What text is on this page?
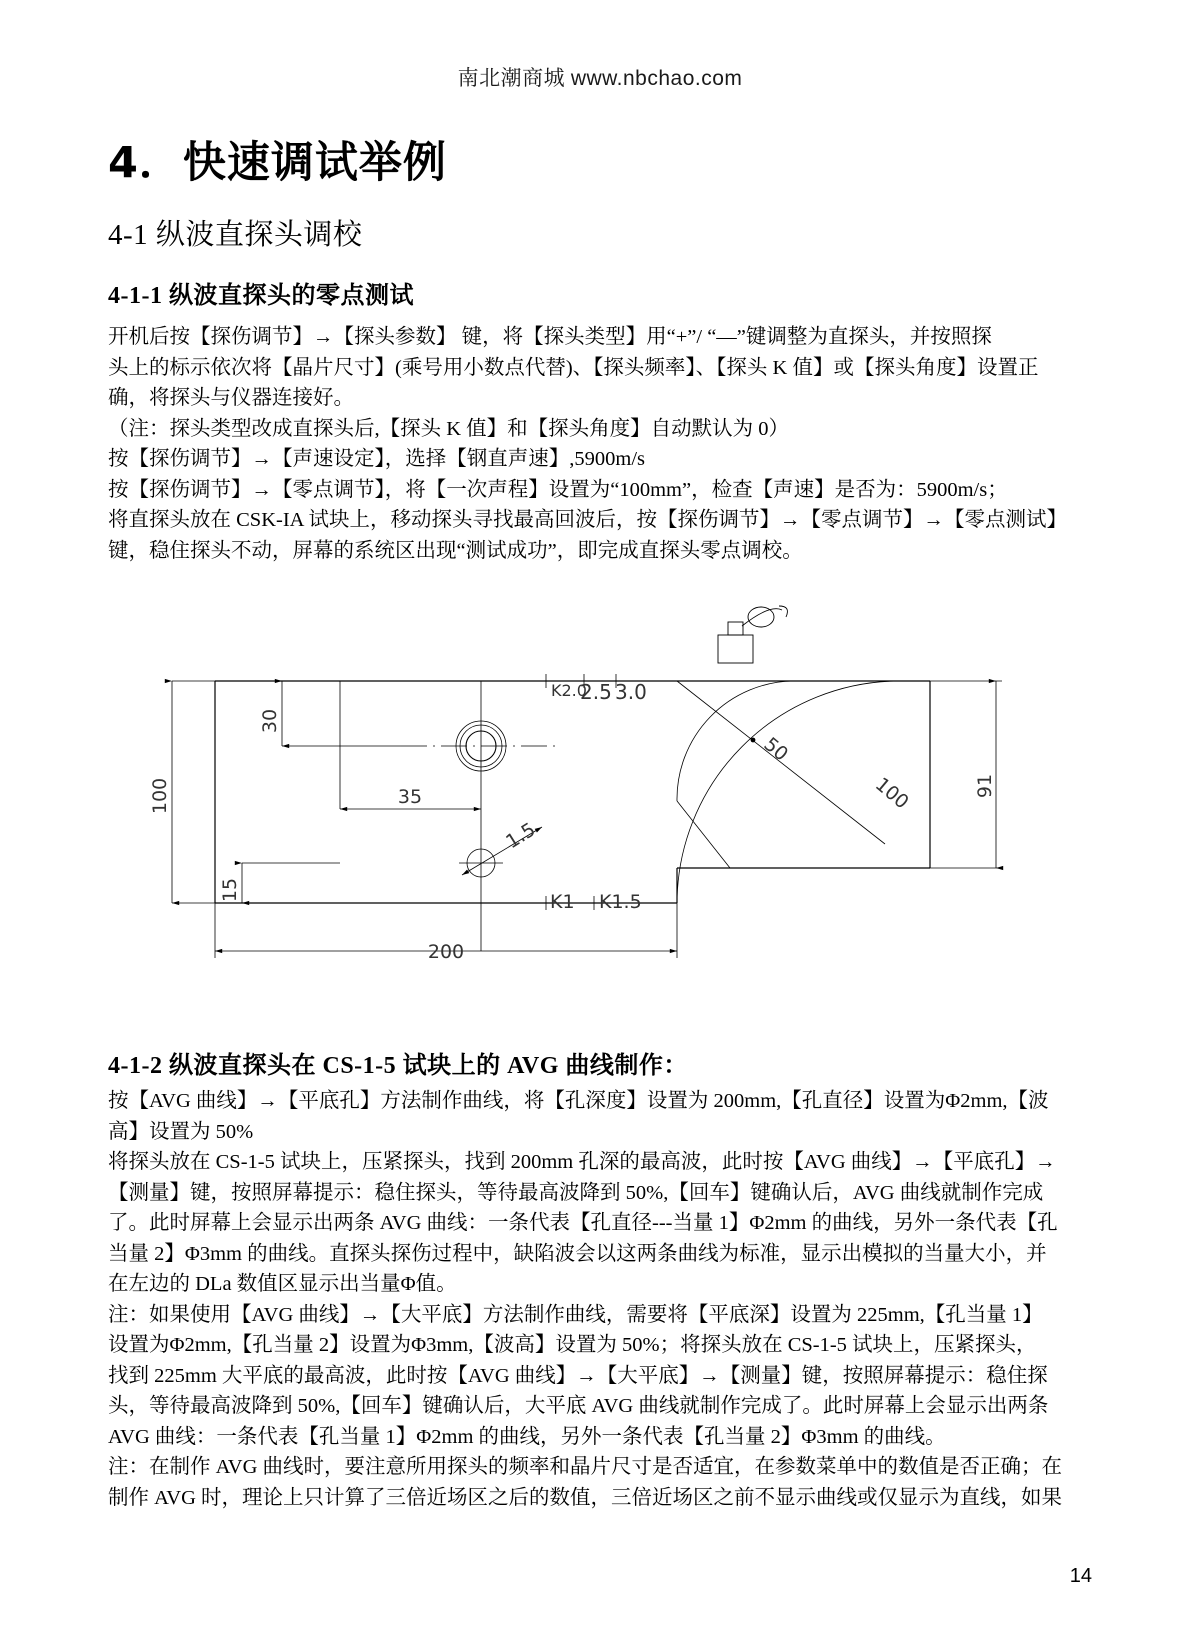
南北潮商城 www.nbchao.com
4．快速调试举例
4-1 纵波直探头调校
4-1-1 纵波直探头的零点测试

开机后按【探伤调节】→【探头参数】 键，将【探头类型】用“+”/ “—”键调整为直探头，并按照探

头上的标示依次将【晶片尺寸】(乘号用小数点代替)、【探头频率】、【探头 K 值】或【探头角度】设置正

确，将探头与仪器连接好。

（注：探头类型改成直探头后,【探头 K 值】和【探头角度】自动默认为 0）

按【探伤调节】→【声速设定】，选择【钢直声速】,5900m/s

按【探伤调节】→【零点调节】，将【一次声程】设置为“100mm”，检查【声速】是否为：5900m/s；

将直探头放在 CSK-IA 试块上，移动探头寻找最高回波后，按【探伤调节】→【零点调节】→【零点测试】

键，稳住探头不动，屏幕的系统区出现“测试成功”，即完成直探头零点调校。

4-1-2 纵波直探头在 CS-1-5 试块上的 AVG 曲线制作：

按【AVG 曲线】→【平底孔】方法制作曲线，将【孔深度】设置为 200mm,【孔直径】设置为Φ2mm,【波

高】设置为 50%

将探头放在 CS-1-5 试块上，压紧探头，找到 200mm 孔深的最高波，此时按【AVG 曲线】→【平底孔】→

【测量】键，按照屏幕提示：稳住探头，等待最高波降到 50%,【回车】键确认后，AVG 曲线就制作完成

了。此时屏幕上会显示出两条 AVG 曲线：一条代表【孔直径---当量 1】Φ2mm 的曲线，另外一条代表【孔

当量 2】Φ3mm 的曲线。直探头探伤过程中，缺陷波会以这两条曲线为标准，显示出模拟的当量大小，并

在左边的 DLa 数值区显示出当量Φ值。

注：如果使用【AVG 曲线】→【大平底】方法制作曲线，需要将【平底深】设置为 225mm,【孔当量 1】

设置为Φ2mm,【孔当量 2】设置为Φ3mm,【波高】设置为 50%；将探头放在 CS-1-5 试块上，压紧探头，

找到 225mm 大平底的最高波，此时按【AVG 曲线】→【大平底】→【测量】键，按照屏幕提示：稳住探

头，等待最高波降到 50%,【回车】键确认后，大平底 AVG 曲线就制作完成了。此时屏幕上会显示出两条

AVG 曲线：一条代表【孔当量 1】Φ2mm 的曲线，另外一条代表【孔当量 2】Φ3mm 的曲线。

注：在制作 AVG 曲线时，要注意所用探头的频率和晶片尺寸是否适宜，在参数菜单中的数值是否正确；在

制作 AVG 时，理论上只计算了三倍近场区之后的数值，三倍近场区之前不显示曲线或仅显示为直线，如果

100
30
35
15
1.5
200
91
50
100
K2.0
2.5 3.0
K1 K1.5
14
